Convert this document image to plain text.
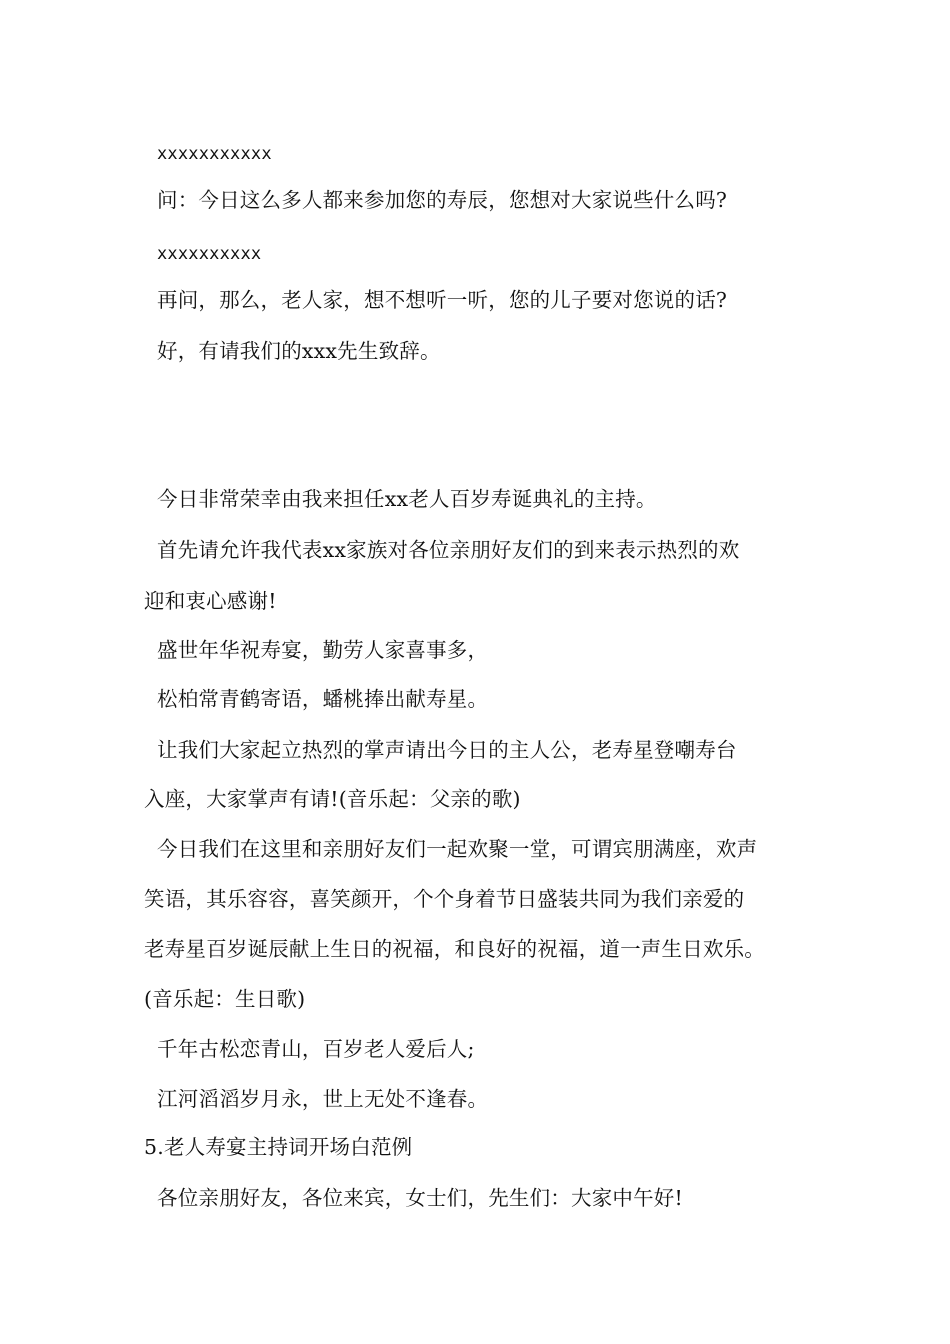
xxxxxxxxxxx
问：今日这么多人都来参加您的寿辰，您想对大家说些什么吗?
xxxxxxxxxx
再问，那么，老人家，想不想听一听，您的儿子要对您说的话?
好，有请我们的xxx先生致辞。
今日非常荣幸由我来担任xx老人百岁寿诞典礼的主持。
首先请允许我代表xx家族对各位亲朋好友们的到来表示热烈的欢
迎和衷心感谢!
盛世年华祝寿宴，勤劳人家喜事多，
松柏常青鹤寄语，蟠桃捧出献寿星。
让我们大家起立热烈的掌声请出今日的主人公，老寿星登嘲寿台
入座，大家掌声有请!(音乐起：父亲的歌)
今日我们在这里和亲朋好友们一起欢聚一堂，可谓宾朋满座，欢声
笑语，其乐容容，喜笑颜开，个个身着节日盛装共同为我们亲爱的
老寿星百岁诞辰献上生日的祝福，和良好的祝福，道一声生日欢乐。
(音乐起：生日歌)
千年古松恋青山，百岁老人爱后人;
江河滔滔岁月永，世上无处不逢春。
5.老人寿宴主持词开场白范例
各位亲朋好友，各位来宾，女士们，先生们：大家中午好!
